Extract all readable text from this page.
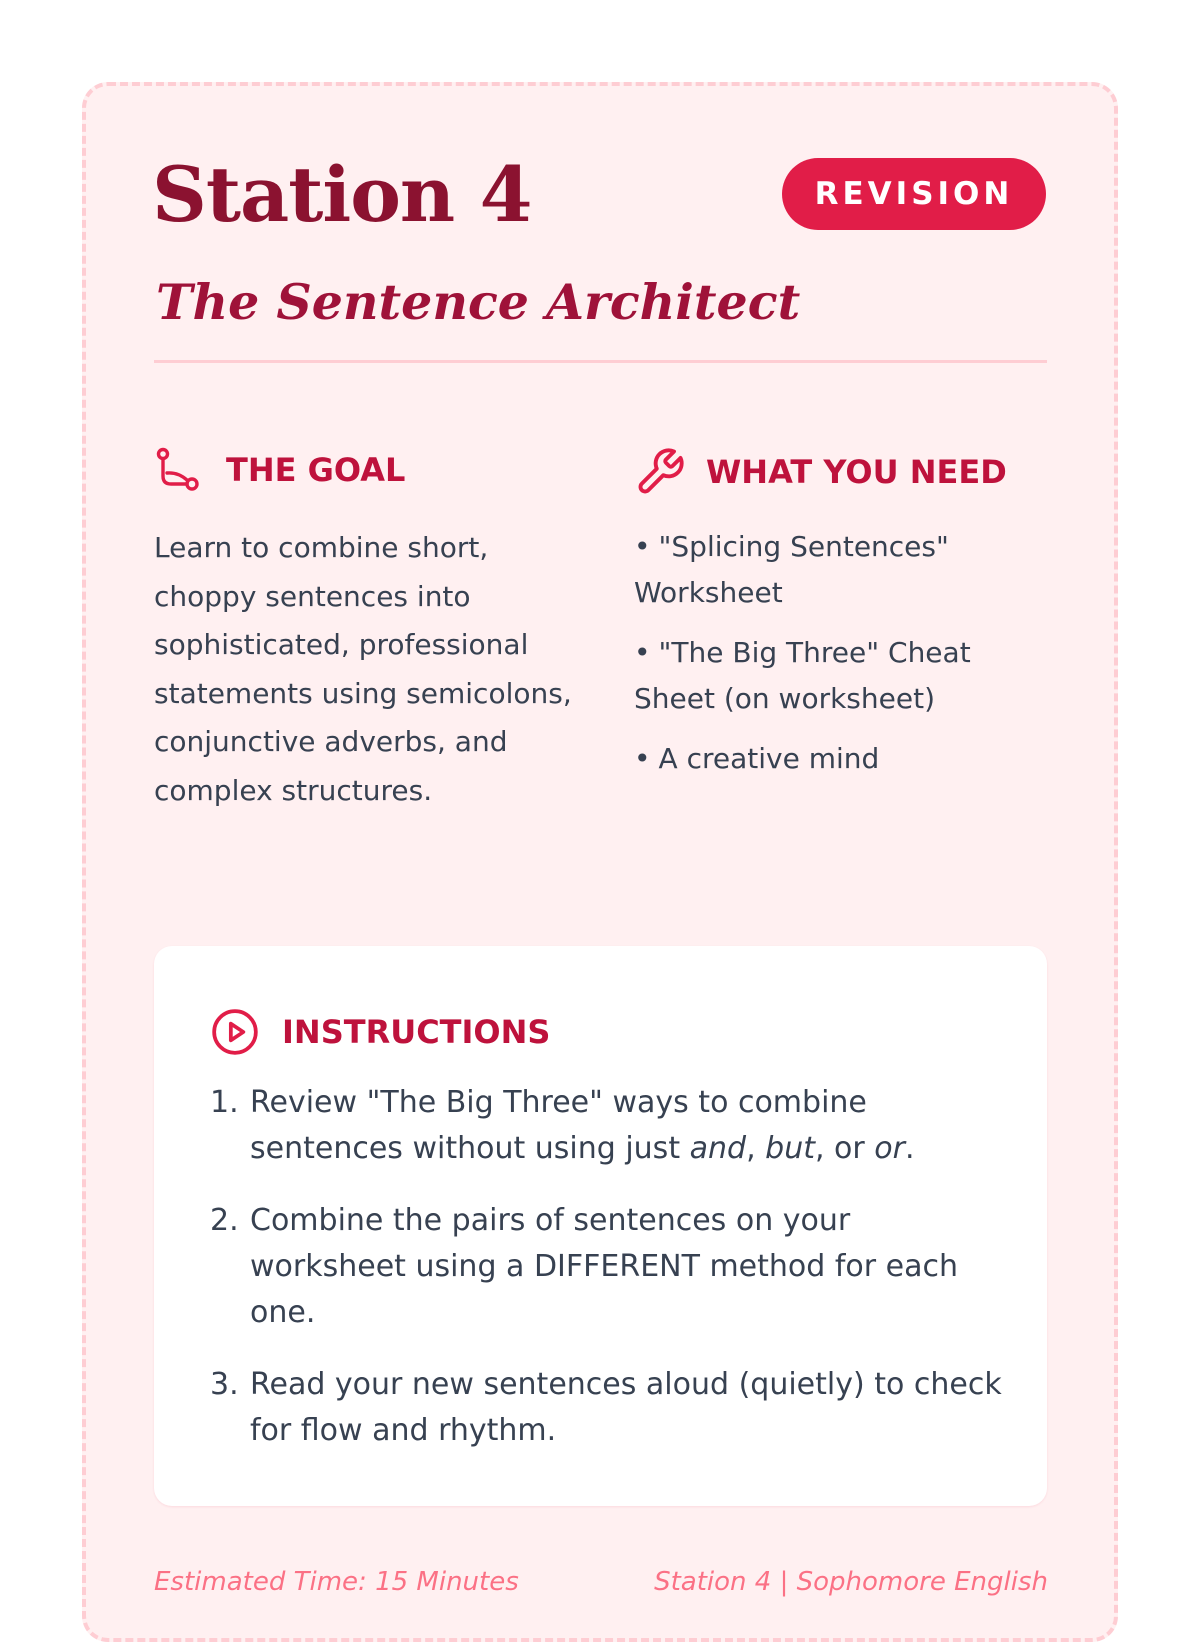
Station 4	REVISION
The Sentence Architect
THE GOAL

Learn to combine short, choppy sentences into sophisticated, professional statements using semicolons, conjunctive adverbs, and complex structures.

WHAT YOU NEED
• "Splicing Sentences" Worksheet
• "The Big Three" Cheat Sheet (on worksheet)
• A creative mind
INSTRUCTIONS
1. Review "The Big Three" ways to combine sentences without using just and, but, or or.
2. Combine the pairs of sentences on your worksheet using a DIFFERENT method for each one.
3. Read your new sentences aloud (quietly) to check for flow and rhythm.
Estimated Time: 15 Minutes	Station 4 | Sophomore English
